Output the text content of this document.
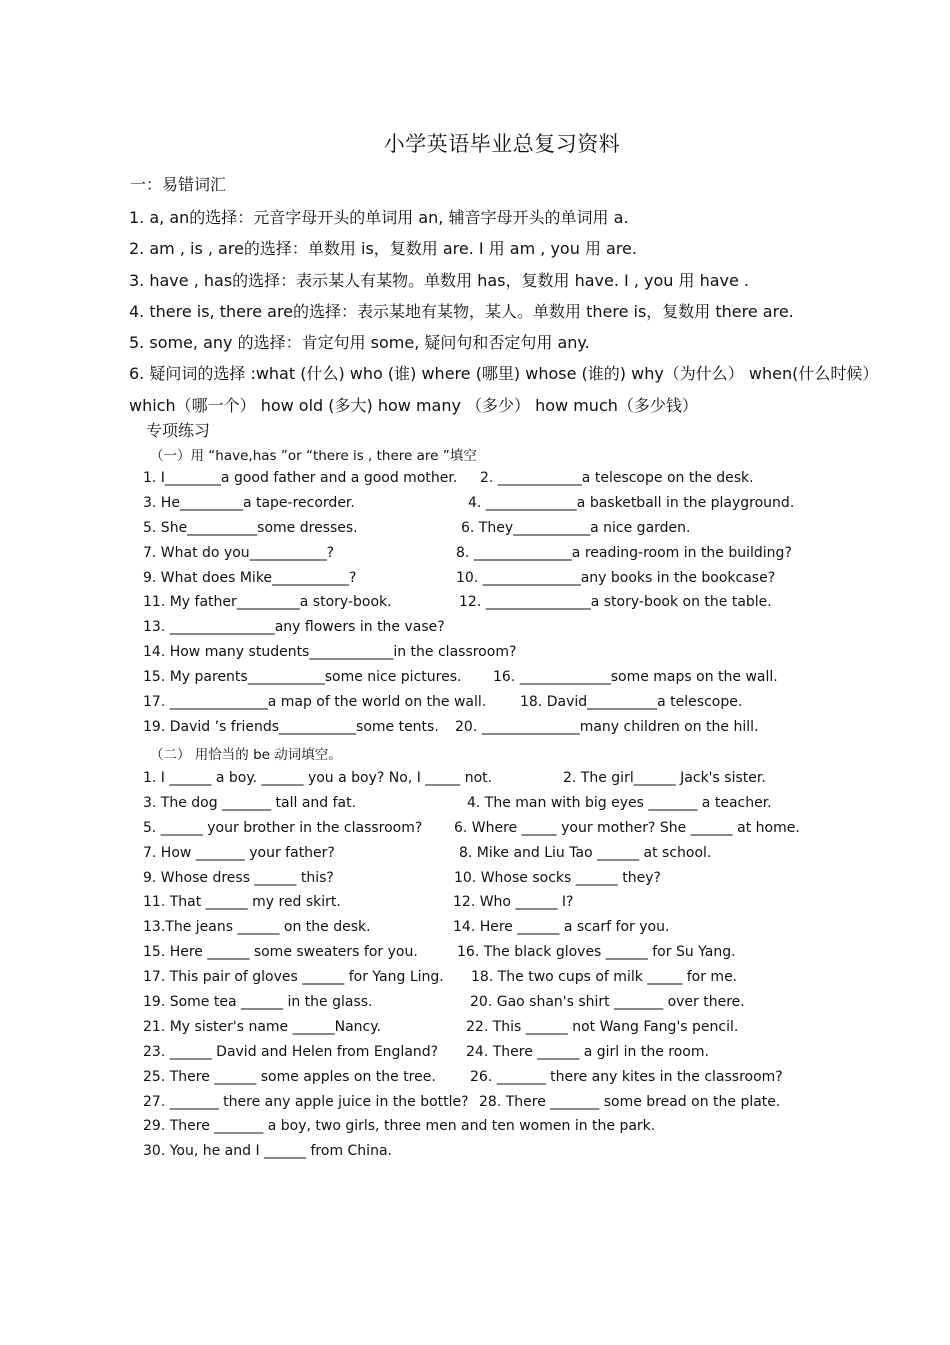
小学英语毕业总复习资料
一：易错词汇
1. a, an的选择：元音字母开头的单词用 an, 辅音字母开头的单词用 a.
2. am , is , are的选择：单数用 is，复数用 are. I 用 am , you 用 are.
3. have , has的选择：表示某人有某物。单数用 has，复数用 have. I , you 用 have .
4. there is, there are的选择：表示某地有某物，某人。单数用 there is，复数用 there are.
5. some, any 的选择：肯定句用 some, 疑问句和否定句用 any.
6. 疑问词的选择 :what (什么) who (谁) where (哪里) whose (谁的) why（为什么） when(什么时候） which（哪一个） how old (多大) how many （多少） how much（多少钱）
专项练习
（一）用 “have,has ”or “there is , there are ”填空
1. I________a good father and a good mother. 2. ____________a telescope on the desk.
3. He_________a tape-recorder.	4. _____________a basketball in the playground.
5. She__________some dresses.	6. They___________a nice garden.
7. What do you___________?	8. ______________a reading-room in the building?
9. What does Mike___________?	10. ______________any books in the bookcase?
11. My father_________a story-book.	12. _______________a story-book on the table.
13. _______________any flowers in the vase?
14. How many students____________in the classroom?
15. My parents___________some nice pictures. 16. _____________some maps on the wall.
17. ______________a map of the world on the wall. 18. David__________a telescope.
19. David ’s friends___________some tents. 20. ______________many children on the hill.
（二） 用恰当的 be 动词填空。
1. I ______ a boy. ______ you a boy? No, I _____ not.	2. The girl______ Jack's sister.
3. The dog _______ tall and fat.	4. The man with big eyes _______ a teacher.
5. ______ your brother in the classroom? 6. Where _____ your mother? She ______ at home.
7. How _______ your father?	8. Mike and Liu Tao ______ at school.
9. Whose dress ______ this?	10. Whose socks ______ they?
11. That ______ my red skirt.	12. Who ______ I?
13.The jeans ______ on the desk.	14. Here ______ a scarf for you.
15. Here ______ some sweaters for you.	16. The black gloves ______ for Su Yang.
17. This pair of gloves ______ for Yang Ling. 18. The two cups of milk _____ for me.
19. Some tea ______ in the glass.	20. Gao shan's shirt _______ over there.
21. My sister's name ______Nancy.	22. This ______ not Wang Fang's pencil.
23. ______ David and Helen from England? 24. There ______ a girl in the room.
25. There ______ some apples on the tree. 26. _______ there any kites in the classroom?
27. _______ there any apple juice in the bottle? 28. There _______ some bread on the plate.
29. There _______ a boy, two girls, three men and ten women in the park.
30. You, he and I ______ from China.
